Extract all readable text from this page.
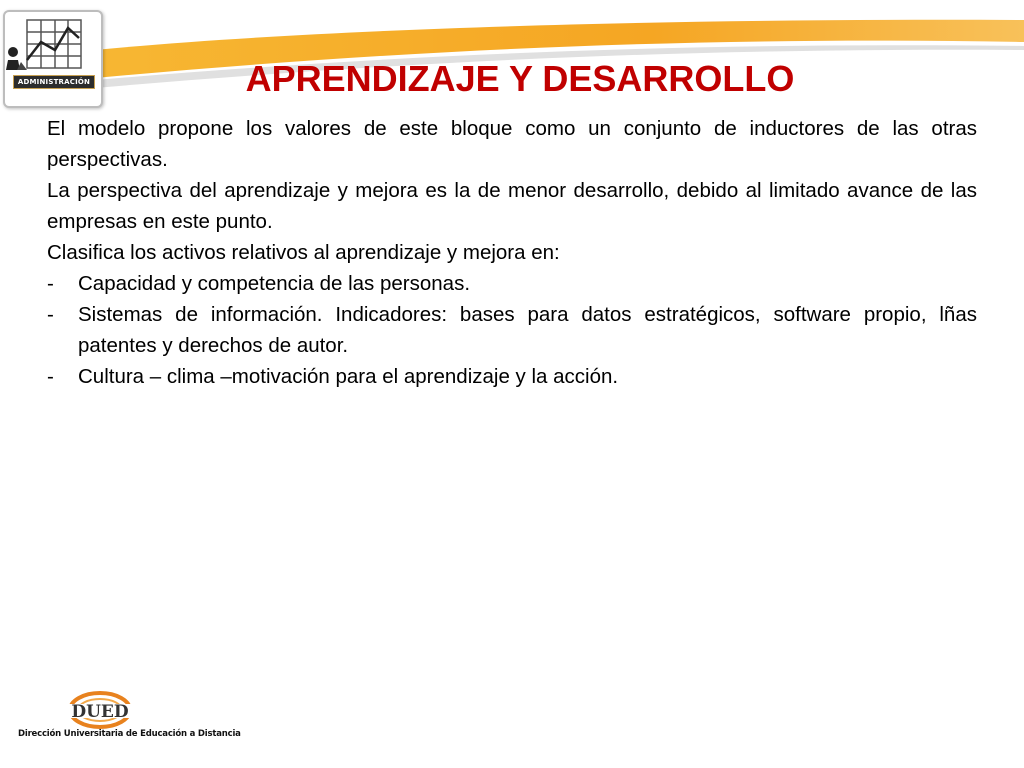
ADMINISTRACIÓN	APRENDIZAJE Y DESARROLLO

El modelo propone los valores de este bloque como un conjunto de inductores de las otras perspectivas.

La perspectiva del aprendizaje y mejora es la de menor desarrollo, debido al limitado avance de las empresas en este punto.

Clasifica los activos relativos al aprendizaje y mejora en:

- Capacidad y competencia de las personas.
- Sistemas de información. Indicadores: bases para datos estratégicos, software propio, lñas patentes y derechos de autor.
- Cultura – clima –motivación para el aprendizaje y la acción.
DUED
Dirección Universitaria de Educación a Distancia
